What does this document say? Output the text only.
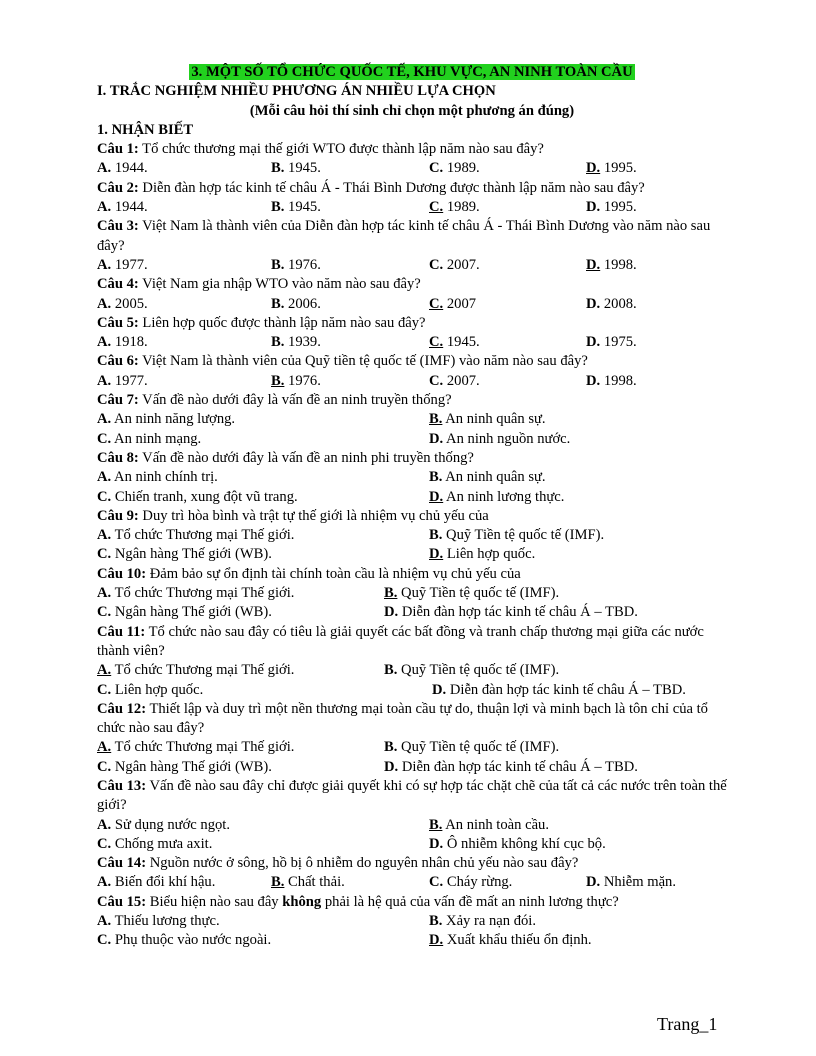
3. MỘT SỐ TỔ CHỨC QUỐC TẾ, KHU VỰC, AN NINH TOÀN CẦU
I. TRẮC NGHIỆM NHIỀU PHƯƠNG ÁN NHIỀU LỰA CHỌN
(Mỗi câu hỏi thí sinh chỉ chọn một phương án đúng)
1. NHẬN BIẾT
Câu 1: Tổ chức thương mại thế giới WTO được thành lập năm nào sau đây?
A. 1944.	B. 1945.	C. 1989.	D. 1995.
Câu 2: Diễn đàn hợp tác kinh tế châu Á - Thái Bình Dương được thành lập năm nào sau đây?
A. 1944.	B. 1945.	C. 1989.	D. 1995.
Câu 3: Việt Nam là thành viên của Diễn đàn hợp tác kinh tế châu Á - Thái Bình Dương vào năm nào sau đây?
A. 1977.	B. 1976.	C. 2007.	D. 1998.
Câu 4: Việt Nam gia nhập WTO vào năm nào sau đây?
A. 2005.	B. 2006.	C. 2007	D. 2008.
Câu 5: Liên hợp quốc được thành lập năm nào sau đây?
A. 1918.	B. 1939.	C. 1945.	D. 1975.
Câu 6: Việt Nam là thành viên của Quỹ tiền tệ quốc tế (IMF) vào năm nào sau đây?
A. 1977.	B. 1976.	C. 2007.	D. 1998.
Câu 7: Vấn đề nào dưới đây là vấn đề an ninh truyền thống?
A. An ninh năng lượng.	B. An ninh quân sự.
C. An ninh mạng.	D. An ninh nguồn nước.
Câu 8: Vấn đề nào dưới đây là vấn đề an ninh phi truyền thống?
A. An ninh chính trị.	B. An ninh quân sự.
C. Chiến tranh, xung đột vũ trang.	D. An ninh lương thực.
Câu 9: Duy trì hòa bình và trật tự thế giới là nhiệm vụ chủ yếu của
A. Tổ chức Thương mại Thế giới.	B. Quỹ Tiền tệ quốc tế (IMF).
C. Ngân hàng Thế giới (WB).	D. Liên hợp quốc.
Câu 10: Đảm bảo sự ổn định tài chính toàn cầu là nhiệm vụ chủ yếu của
A. Tổ chức Thương mại Thế giới.	B. Quỹ Tiền tệ quốc tế (IMF).
C. Ngân hàng Thế giới (WB).	D. Diễn đàn hợp tác kinh tế châu Á – TBD.
Câu 11: Tổ chức nào sau đây có tiêu là giải quyết các bất đồng và tranh chấp thương mại giữa các nước thành viên?
A. Tổ chức Thương mại Thế giới.	B. Quỹ Tiền tệ quốc tế (IMF).
C. Liên hợp quốc.	D. Diễn đàn hợp tác kinh tế châu Á – TBD.
Câu 12: Thiết lập và duy trì một nền thương mại toàn cầu tự do, thuận lợi và minh bạch là tôn chỉ của tổ chức nào sau đây?
A. Tổ chức Thương mại Thế giới.	B. Quỹ Tiền tệ quốc tế (IMF).
C. Ngân hàng Thế giới (WB).	D. Diễn đàn hợp tác kinh tế châu Á – TBD.
Câu 13: Vấn đề nào sau đây chỉ được giải quyết khi có sự hợp tác chặt chẽ của tất cả các nước trên toàn thế giới?
A. Sử dụng nước ngọt.	B. An ninh toàn cầu.
C. Chống mưa axit.	D. Ô nhiễm không khí cục bộ.
Câu 14: Nguồn nước ở sông, hồ bị ô nhiễm do nguyên nhân chủ yếu nào sau đây?
A. Biến đổi khí hậu.	B. Chất thải.	C. Cháy rừng.	D. Nhiễm mặn.
Câu 15: Biểu hiện nào sau đây không phải là hệ quả của vấn đề mất an ninh lương thực?
A. Thiếu lương thực.	B. Xảy ra nạn đói.
C. Phụ thuộc vào nước ngoài.	D. Xuất khẩu thiếu ổn định.
Trang_1
